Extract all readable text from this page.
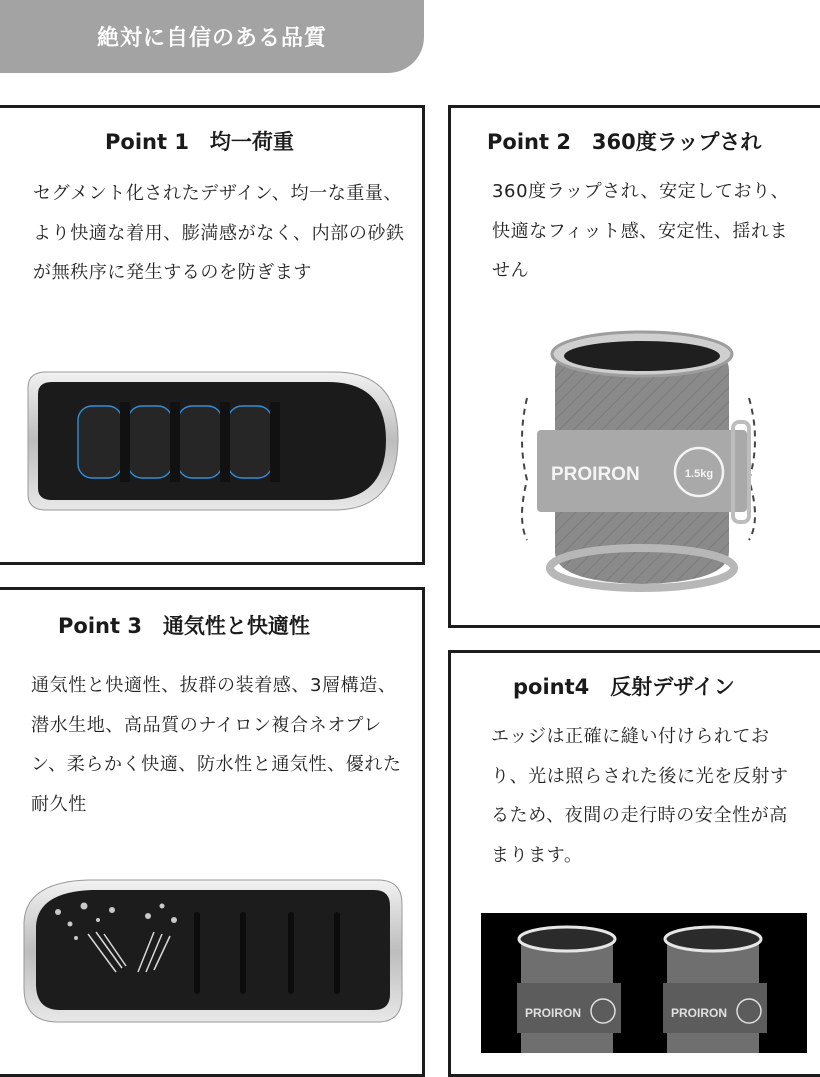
絶対に自信のある品質
Point 1　均一荷重

セグメント化されたデザイン、均一な重量、より快適な着用、膨満感がなく、内部の砂鉄が無秩序に発生するのを防ぎます

Point 2　360度ラップされ

360度ラップされ、安定しており、快適なフィット感、安定性、揺れません

PROIRON	1.5kg
Point 3　通気性と快適性

通気性と快適性、抜群の装着感、3層構造、潜水生地、高品質のナイロン複合ネオプレン、柔らかく快適、防水性と通気性、優れた耐久性

point4　反射デザイン

エッジは正確に縫い付けられており、光は照らされた後に光を反射するため、夜間の走行時の安全性が高まります。

PROIRON	PROIRON
